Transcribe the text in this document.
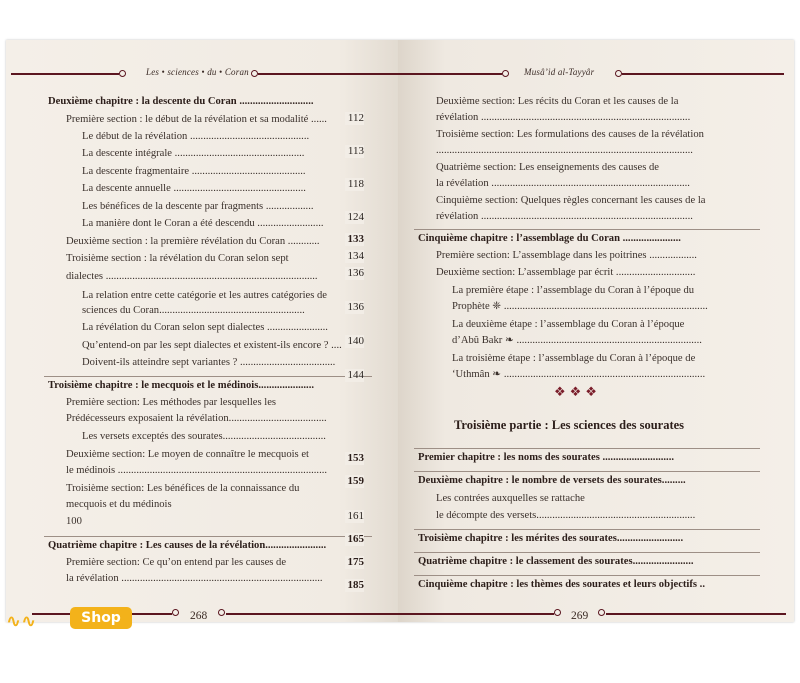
Les • sciences • du • Coran
Deuxième chapitre : la descente du Coran ............................
Première section : le début de la révélation et sa modalité ......
Le début de la révélation .............................................
La descente intégrale .................................................
La descente fragmentaire ...........................................
La descente annuelle ..................................................
Les bénéfices de la descente par fragments ..................
La manière dont le Coran a été descendu .........................
Deuxième section : la première révélation du Coran ............
Troisième section : la révélation du Coran selon sept
dialectes ................................................................................
La relation entre cette catégorie et les autres catégories de
sciences du Coran.......................................................
La révélation du Coran selon sept dialectes .......................
Qu’entend-on par les sept dialectes et existent-ils encore ? ....
Doivent-ils atteindre sept variantes ? ....................................
Troisième chapitre : le mecquois et le médinois.....................
Première section: Les méthodes par lesquelles les
Prédécesseurs exposaient la révélation.....................................
Les versets exceptés des sourates.......................................
Deuxième section: Le moyen de connaître le mecquois et
le médinois ...............................................................................
Troisième section: Les bénéfices de la connaissance du
mecquois et du médinois
100
Quatrième chapitre : Les causes de la révélation.......................
Première section: Ce qu’on entend par les causes de
la révélation ............................................................................
268
Musâ’id al-Tayyâr
Deuxième section: Les récits du Coran et les causes de la
révélation ...............................................................................
112
Troisième section: Les formulations des causes de la révélation
.................................................................................................
113
Quatrième section: Les enseignements des causes de
la révélation ...........................................................................
118
Cinquième section: Quelques règles concernant les causes de la
révélation ................................................................................
124
Cinquième chapitre : l’assemblage du Coran ......................
133
Première section: L’assemblage dans les poitrines ..................
134
Deuxième section: L’assemblage par écrit ..............................
136
La première étape : l’assemblage du Coran à l’époque du
Prophète ❈ .............................................................................
136
La deuxième étape : l’assemblage du Coran à l’époque
d’Abû Bakr ❧ ......................................................................
140
La troisième étape : l’assemblage du Coran à l’époque de
‘Uthmân ❧ ............................................................................
144
❖❖❖
Troisième partie : Les sciences des sourates
Premier chapitre : les noms des sourates ...........................
153
Deuxième chapitre : le nombre de versets des sourates.........
159
Les contrées auxquelles se rattache
le décompte des versets............................................................
161
Troisième chapitre : les mérites des sourates.........................
165
Quatrième chapitre : le classement des sourates.......................
175
Cinquième chapitre : les thèmes des sourates et leurs objectifs ..
185
269
∿∿	Shop
